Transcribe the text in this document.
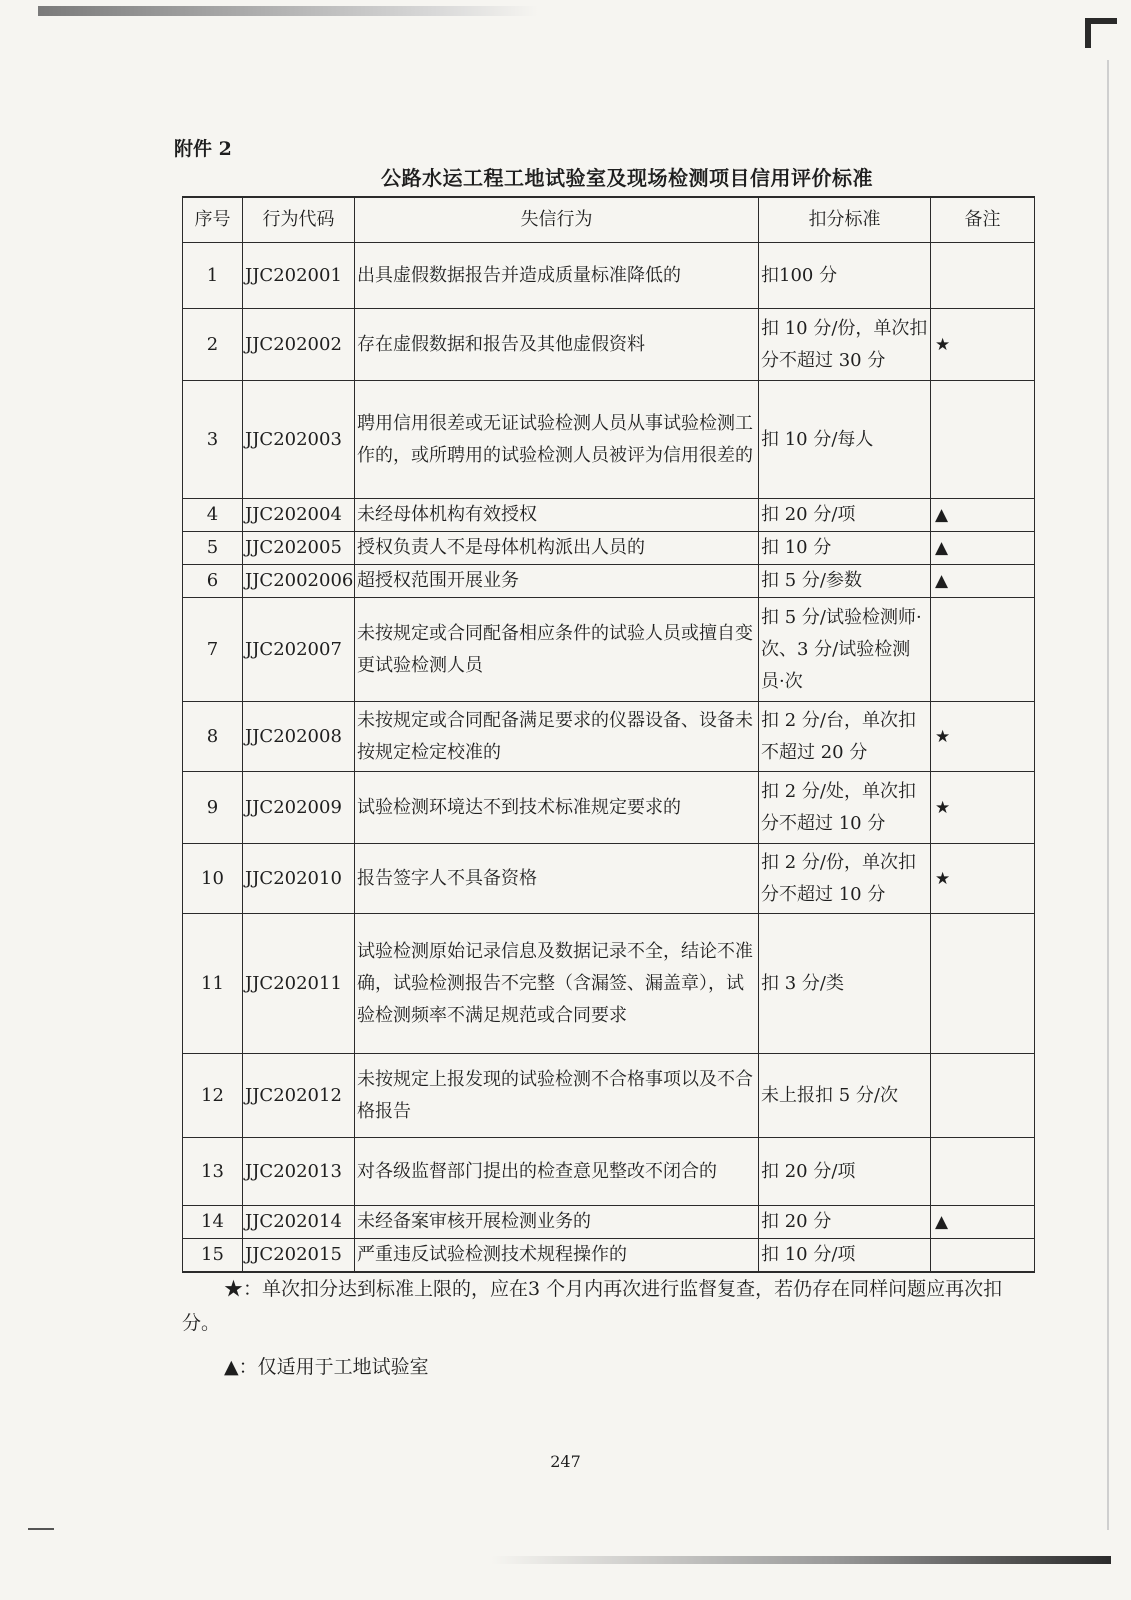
附件 2
公路水运工程工地试验室及现场检测项目信用评价标准
序号	行为代码	失信行为	扣分标准	备注
1	JJC202001	出具虚假数据报告并造成质量标准降低的	扣100 分	
2	JJC202002	存在虚假数据和报告及其他虚假资料	扣 10 分/份，单次扣分不超过 30 分	★
3	JJC202003	聘用信用很差或无证试验检测人员从事试验检测工作的，或所聘用的试验检测人员被评为信用很差的	扣 10 分/每人	
4	JJC202004	未经母体机构有效授权	扣 20 分/项	▲
5	JJC202005	授权负责人不是母体机构派出人员的	扣 10 分	▲
6	JJC2002006	超授权范围开展业务	扣 5 分/参数	▲
7	JJC202007	未按规定或合同配备相应条件的试验人员或擅自变更试验检测人员	扣 5 分/试验检测师·次、3 分/试验检测员·次	
8	JJC202008	未按规定或合同配备满足要求的仪器设备、设备未按规定检定校准的	扣 2 分/台，单次扣不超过 20 分	★
9	JJC202009	试验检测环境达不到技术标准规定要求的	扣 2 分/处，单次扣分不超过 10 分	★
10	JJC202010	报告签字人不具备资格	扣 2 分/份，单次扣分不超过 10 分	★
11	JJC202011	试验检测原始记录信息及数据记录不全，结论不准确，试验检测报告不完整（含漏签、漏盖章），试验检测频率不满足规范或合同要求	扣 3 分/类	
12	JJC202012	未按规定上报发现的试验检测不合格事项以及不合格报告	未上报扣 5 分/次	
13	JJC202013	对各级监督部门提出的检查意见整改不闭合的	扣 20 分/项	
14	JJC202014	未经备案审核开展检测业务的	扣 20 分	▲
15	JJC202015	严重违反试验检测技术规程操作的	扣 10 分/项	

★：单次扣分达到标准上限的，应在3 个月内再次进行监督复查，若仍存在同样问题应再次扣分。

▲：仅适用于工地试验室

247
